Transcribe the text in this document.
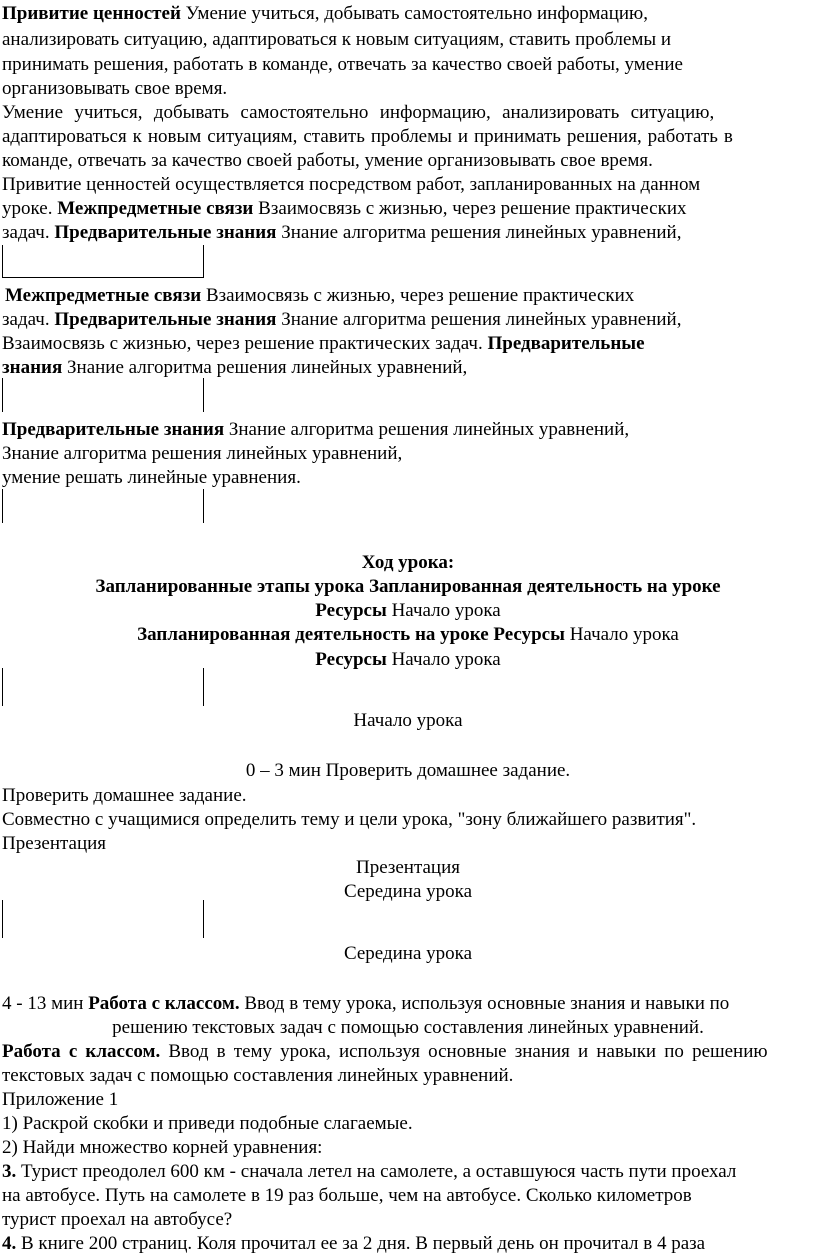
Привитие ценностей Умение учиться, добывать самостоятельно информацию,
анализировать ситуацию, адаптироваться к новым ситуациям, ставить проблемы и
принимать решения, работать в команде, отвечать за качество своей работы, умение
организовывать свое время.
Умение учиться, добывать самостоятельно информацию, анализировать ситуацию,
адаптироваться к новым ситуациям, ставить проблемы и принимать решения, работать в
команде, отвечать за качество своей работы, умение организовывать свое время.
Привитие ценностей осуществляется посредством работ, запланированных на данном
уроке. Межпредметные связи Взаимосвязь с жизнью, через решение практических
задач. Предварительные знания Знание алгоритма решения линейных уравнений,
Межпредметные связи Взаимосвязь с жизнью, через решение практических
задач. Предварительные знания Знание алгоритма решения линейных уравнений,
Взаимосвязь с жизнью, через решение практических задач. Предварительные
знания Знание алгоритма решения линейных уравнений,
Предварительные знания Знание алгоритма решения линейных уравнений,
Знание алгоритма решения линейных уравнений,
умение решать линейные уравнения.
Ход урока:
Запланированные этапы урока Запланированная деятельность на уроке
Ресурсы Начало урока
Запланированная деятельность на уроке Ресурсы Начало урока
Ресурсы Начало урока
Начало урока
0 – 3 мин Проверить домашнее задание.
Проверить домашнее задание.
Совместно с учащимися определить тему и цели урока, "зону ближайшего развития".
Презентация
Презентация
Середина урока
Середина урока
4 - 13 мин Работа с классом. Ввод в тему урока, используя основные знания и навыки по
решению текстовых задач с помощью составления линейных уравнений.
Работа с классом. Ввод в тему урока, используя основные знания и навыки по решению
текстовых задач с помощью составления линейных уравнений.
Приложение 1
1) Раскрой скобки и приведи подобные слагаемые.
2) Найди множество корней уравнения:
3. Турист преодолел 600 км - сначала летел на самолете, а оставшуюся часть пути проехал
на автобусе. Путь на самолете в 19 раз больше, чем на автобусе. Сколько километров
турист проехал на автобусе?
4. В книге 200 страниц. Коля прочитал ее за 2 дня. В первый день он прочитал в 4 раза
